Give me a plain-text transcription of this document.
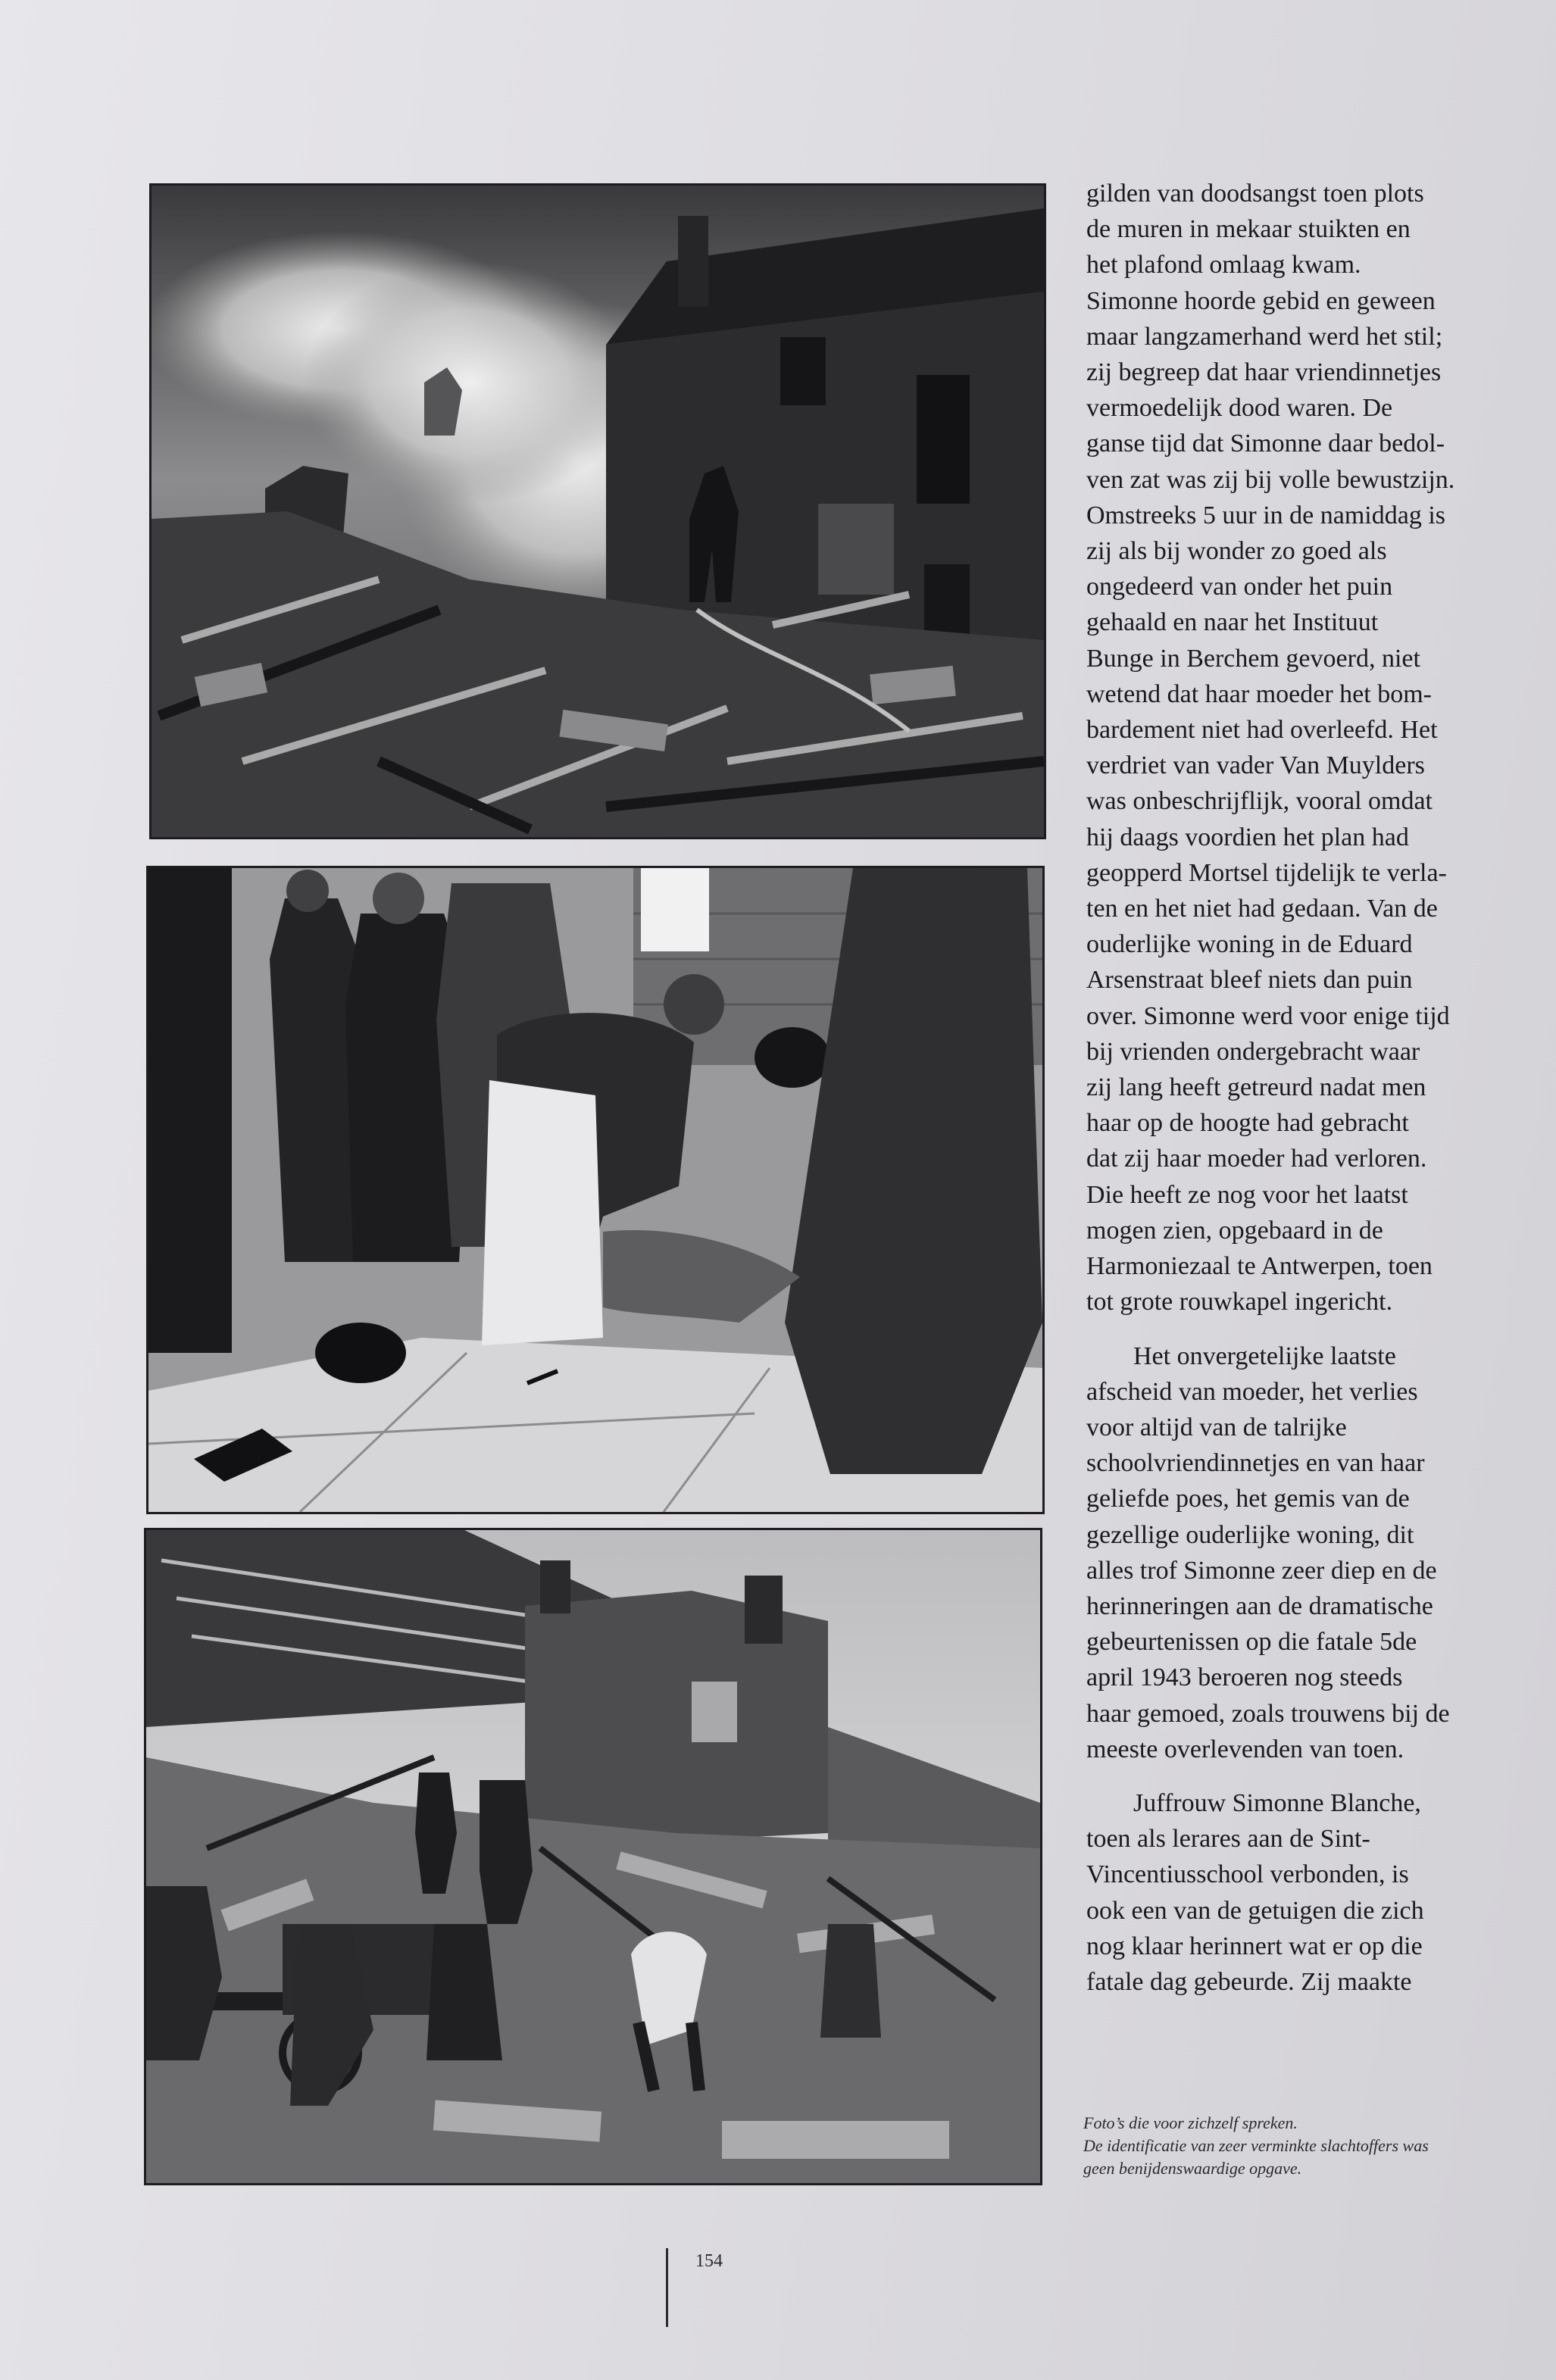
gilden van doodsangst toen plots

de muren in mekaar stuikten en

het plafond omlaag kwam.

Simonne hoorde gebid en geween

maar langzamerhand werd het stil;

zij begreep dat haar vriendinnetjes

vermoedelijk dood waren. De

ganse tijd dat Simonne daar bedol-

ven zat was zij bij volle bewustzijn.

Omstreeks 5 uur in de namiddag is

zij als bij wonder zo goed als

ongedeerd van onder het puin

gehaald en naar het Instituut

Bunge in Berchem gevoerd, niet

wetend dat haar moeder het bom-

bardement niet had overleefd. Het

verdriet van vader Van Muylders

was onbeschrijflijk, vooral omdat

hij daags voordien het plan had

geopperd Mortsel tijdelijk te verla-

ten en het niet had gedaan. Van de

ouderlijke woning in de Eduard

Arsenstraat bleef niets dan puin

over. Simonne werd voor enige tijd

bij vrienden ondergebracht waar

zij lang heeft getreurd nadat men

haar op de hoogte had gebracht

dat zij haar moeder had verloren.

Die heeft ze nog voor het laatst

mogen zien, opgebaard in de

Harmoniezaal te Antwerpen, toen

tot grote rouwkapel ingericht.

Het onvergetelijke laatste

afscheid van moeder, het verlies

voor altijd van de talrijke

schoolvriendinnetjes en van haar

geliefde poes, het gemis van de

gezellige ouderlijke woning, dit

alles trof Simonne zeer diep en de

herinneringen aan de dramatische

gebeurtenissen op die fatale 5de

april 1943 beroeren nog steeds

haar gemoed, zoals trouwens bij de

meeste overlevenden van toen.

Juffrouw Simonne Blanche,

toen als lerares aan de Sint-

Vincentiusschool verbonden, is

ook een van de getuigen die zich

nog klaar herinnert wat er op die

fatale dag gebeurde. Zij maakte

Foto’s die voor zichzelf spreken.
De identificatie van zeer verminkte slachtoffers was
geen benijdenswaardige opgave.
154
